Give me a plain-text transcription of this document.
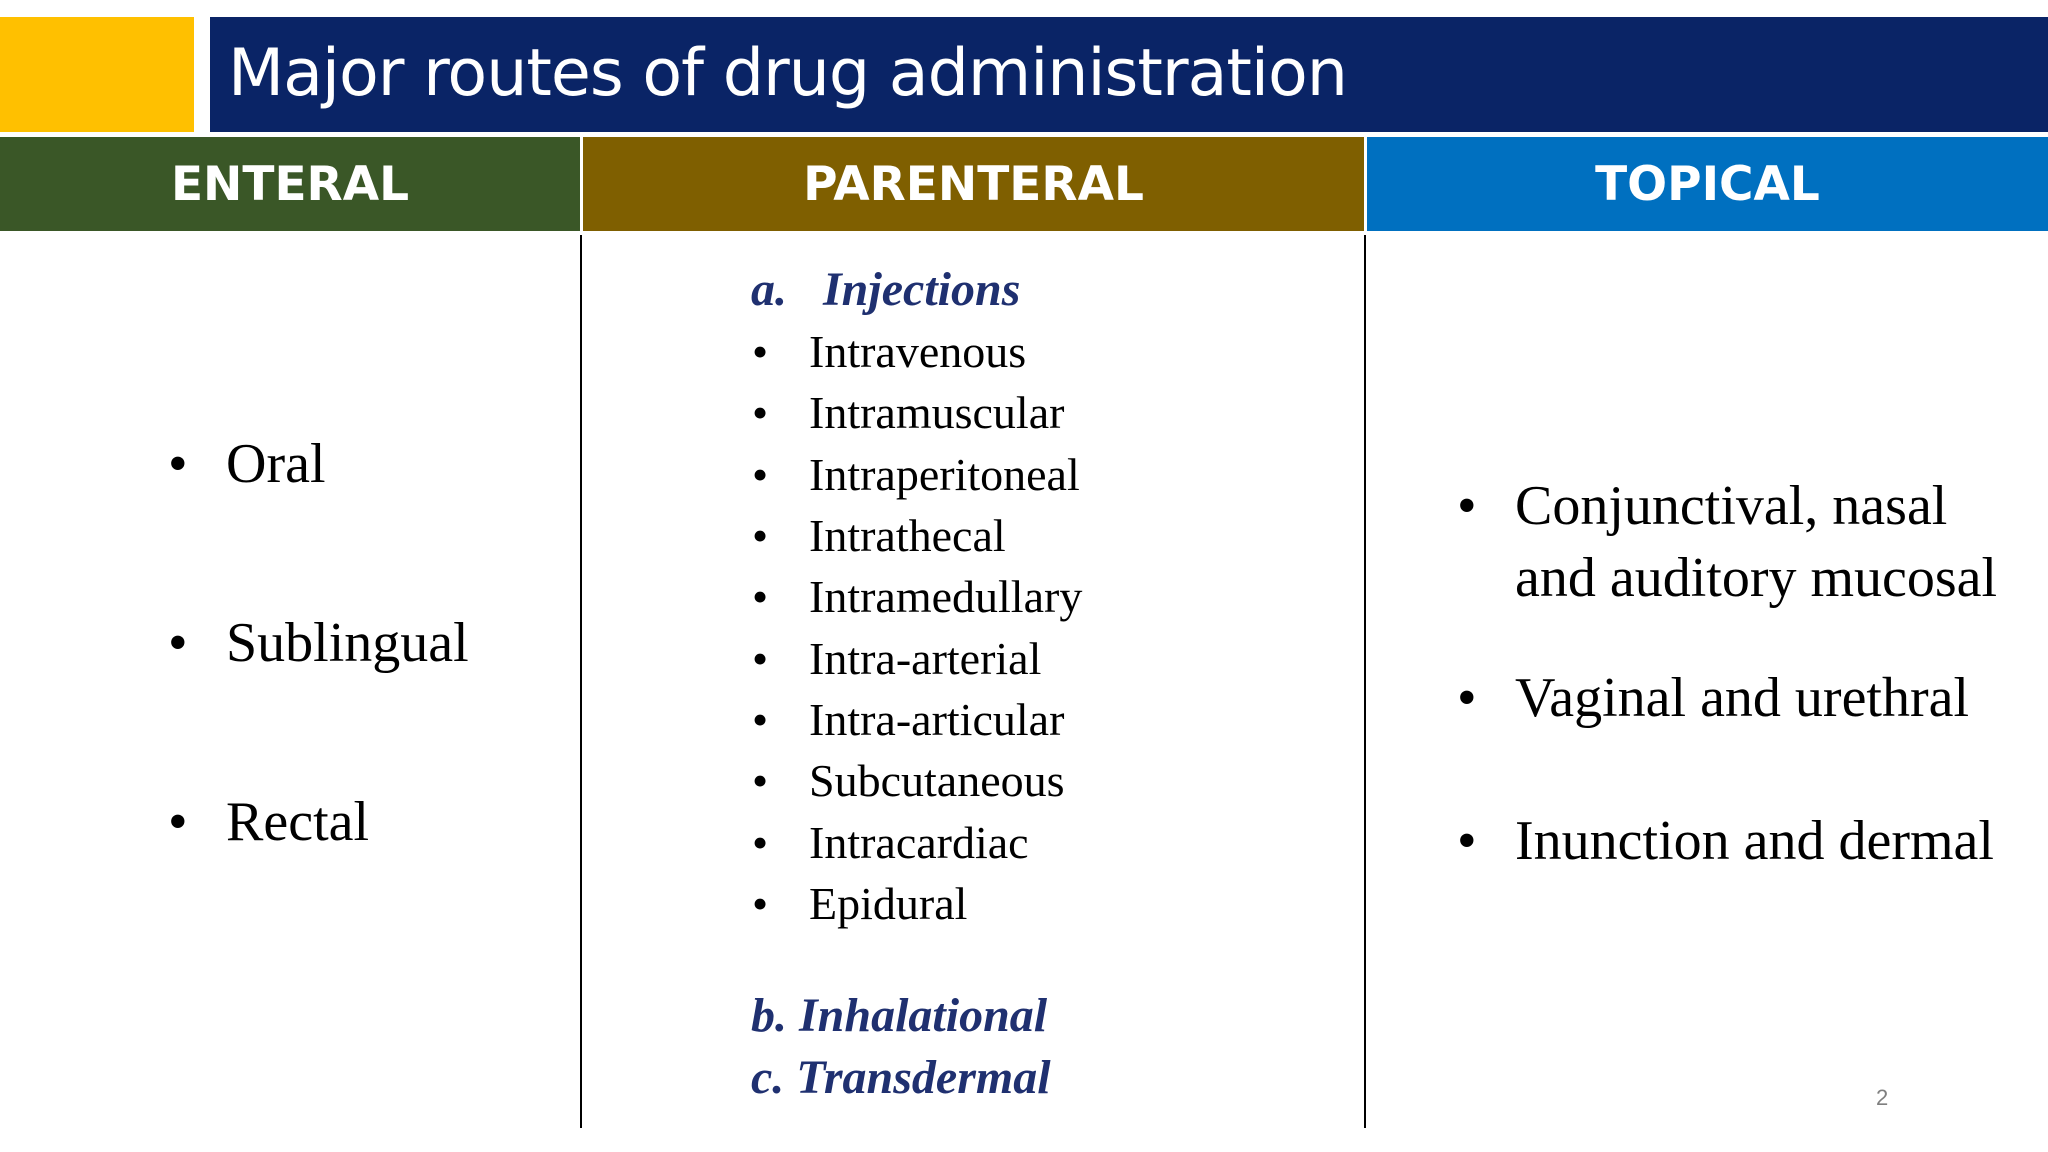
Major routes of drug administration
ENTERAL	PARENTERAL	TOPICAL
• Oral
• Sublingual
• Rectal
a.   Injections
• Intravenous
• Intramuscular
• Intraperitoneal
• Intrathecal
• Intramedullary
• Intra-arterial
• Intra-articular
• Subcutaneous
• Intracardiac
• Epidural
b. Inhalational
c. Transdermal
• Conjunctival, nasal
and auditory mucosal
• Vaginal and urethral
• Inunction and dermal
2
